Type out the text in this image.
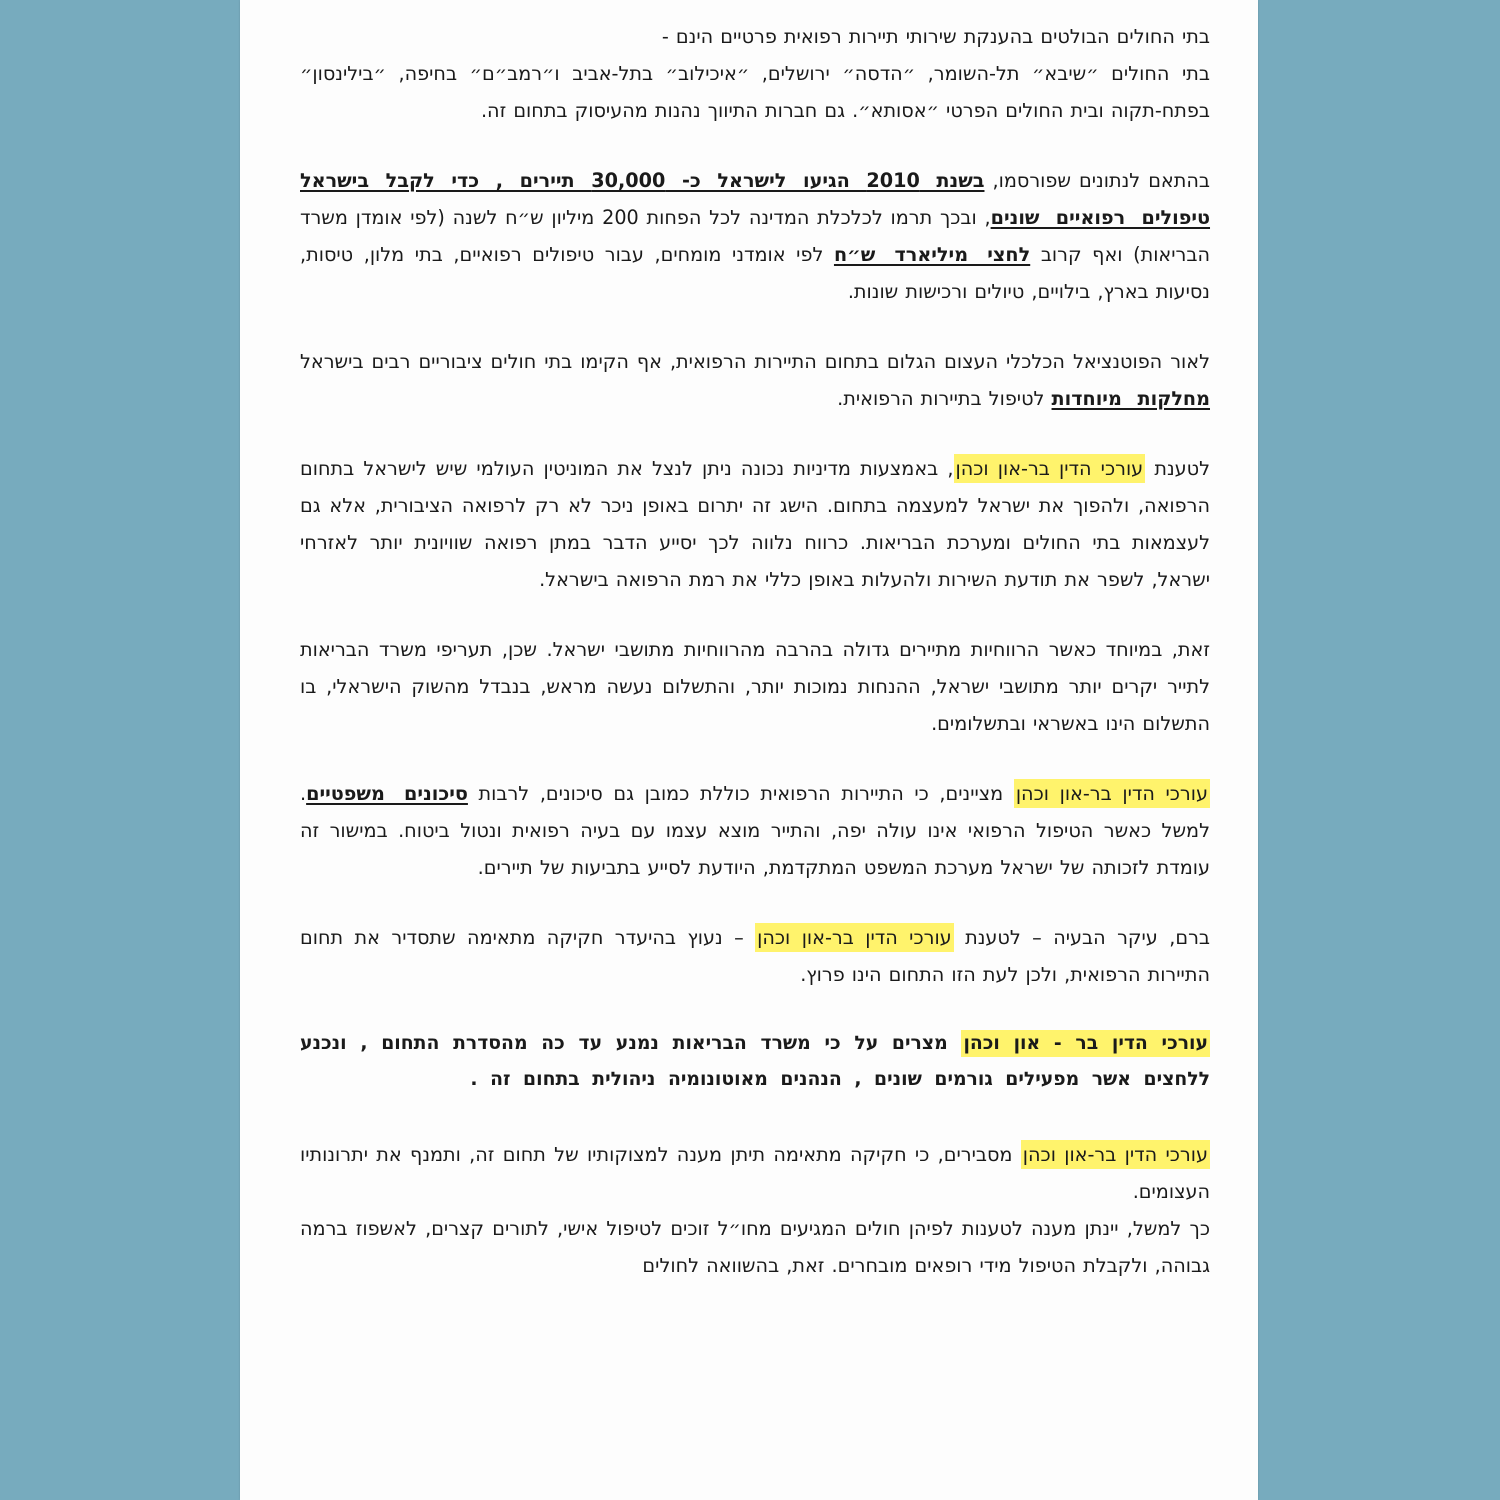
בתי החולים הבולטים בהענקת שירותי תיירות רפואית פרטיים הינם -

בתי החולים ״שיבא״ תל-השומר, ״הדסה״ ירושלים, ״איכילוב״ בתל-אביב ו״רמב״ם״ בחיפה, ״בילינסון״ בפתח-תקוה ובית החולים הפרטי ״אסותא״. גם חברות התיווך נהנות מהעיסוק בתחום זה.

בהתאם לנתונים שפורסמו, בשנת 2010 הגיעו לישראל כ- 30,000 תיירים , כדי לקבל בישראל טיפולים רפואיים שונים, ובכך תרמו לכלכלת המדינה לכל הפחות 200 מיליון ש״ח לשנה (לפי אומדן משרד הבריאות) ואף קרוב לחצי מיליארד ש״ח לפי אומדני מומחים, עבור טיפולים רפואיים, בתי מלון, טיסות, נסיעות בארץ, בילויים, טיולים ורכישות שונות.

לאור הפוטנציאל הכלכלי העצום הגלום בתחום התיירות הרפואית, אף הקימו בתי חולים ציבוריים רבים בישראל מחלקות מיוחדות לטיפול בתיירות הרפואית.

לטענת עורכי הדין בר-און וכהן, באמצעות מדיניות נכונה ניתן לנצל את המוניטין העולמי שיש לישראל בתחום הרפואה, ולהפוך את ישראל למעצמה בתחום. הישג זה יתרום באופן ניכר לא רק לרפואה הציבורית, אלא גם לעצמאות בתי החולים ומערכת הבריאות. כרווח נלווה לכך יסייע הדבר במתן רפואה שוויונית יותר לאזרחי ישראל, לשפר את תודעת השירות ולהעלות באופן כללי את רמת הרפואה בישראל.

זאת, במיוחד כאשר הרווחיות מתיירים גדולה בהרבה מהרווחיות מתושבי ישראל. שכן, תעריפי משרד הבריאות לתייר יקרים יותר מתושבי ישראל, ההנחות נמוכות יותר, והתשלום נעשה מראש, בנבדל מהשוק הישראלי, בו התשלום הינו באשראי ובתשלומים.

עורכי הדין בר-און וכהן מציינים, כי התיירות הרפואית כוללת כמובן גם סיכונים, לרבות סיכונים משפטיים. למשל כאשר הטיפול הרפואי אינו עולה יפה, והתייר מוצא עצמו עם בעיה רפואית ונטול ביטוח. במישור זה עומדת לזכותה של ישראל מערכת המשפט המתקדמת, היודעת לסייע בתביעות של תיירים.

ברם, עיקר הבעיה – לטענת עורכי הדין בר-און וכהן – נעוץ בהיעדר חקיקה מתאימה שתסדיר את תחום התיירות הרפואית, ולכן לעת הזו התחום הינו פרוץ.

עורכי הדין בר - און וכהן מצרים על כי משרד הבריאות נמנע עד כה מהסדרת התחום , ונכנע ללחצים אשר מפעילים גורמים שונים , הנהנים מאוטונומיה ניהולית בתחום זה .

עורכי הדין בר-און וכהן מסבירים, כי חקיקה מתאימה תיתן מענה למצוקותיו של תחום זה, ותמנף את יתרונותיו העצומים.

כך למשל, יינתן מענה לטענות לפיהן חולים המגיעים מחו״ל זוכים לטיפול אישי, לתורים קצרים, לאשפוז ברמה גבוהה, ולקבלת הטיפול מידי רופאים מובחרים. זאת, בהשוואה לחולים
